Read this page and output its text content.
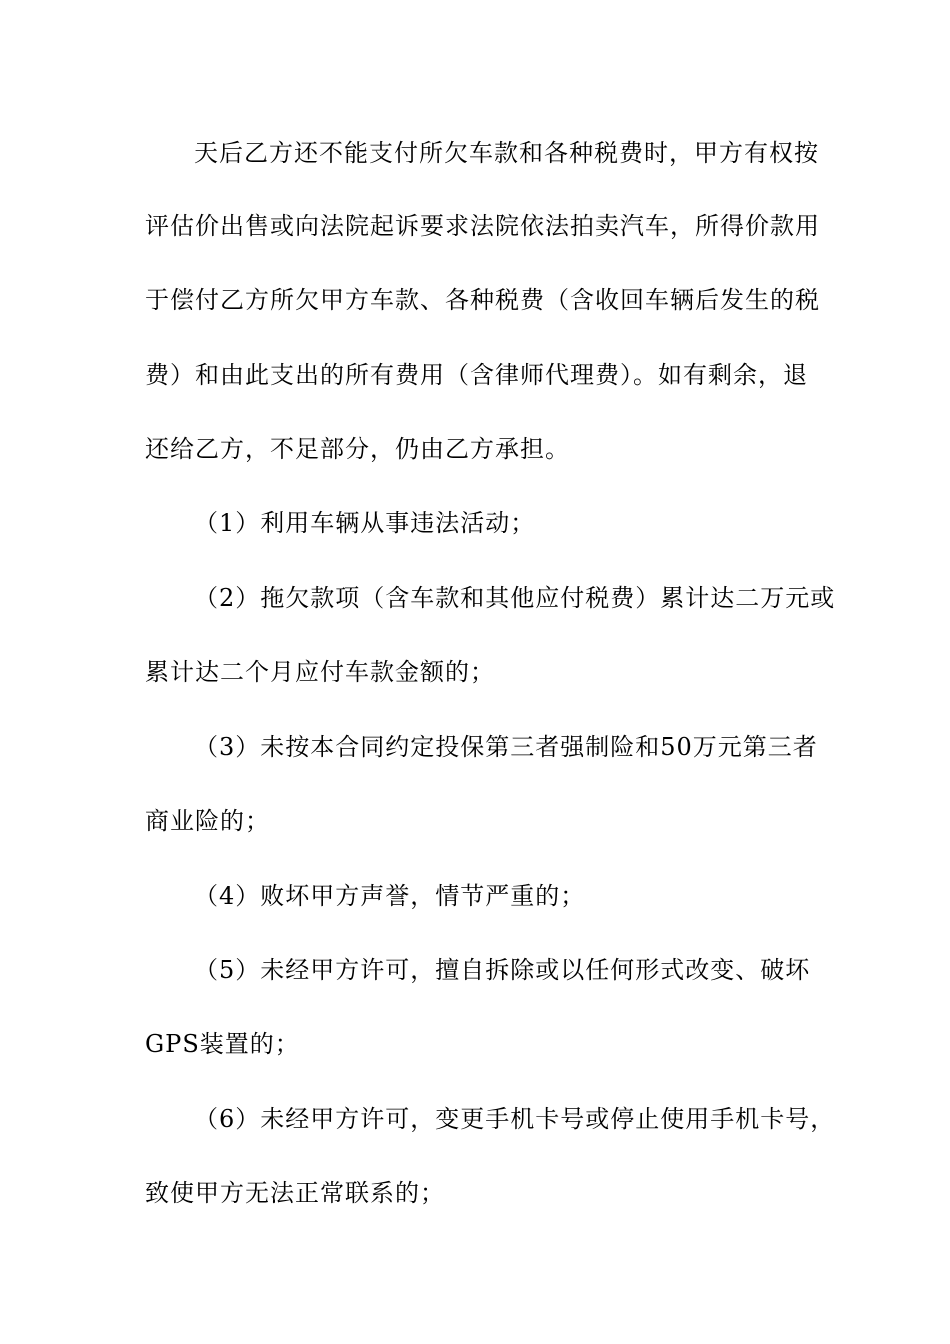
天后乙方还不能支付所欠车款和各种税费时，甲方有权按
评估价出售或向法院起诉要求法院依法拍卖汽车，所得价款用
于偿付乙方所欠甲方车款、各种税费（含收回车辆后发生的税
费）和由此支出的所有费用（含律师代理费）。如有剩余，退
还给乙方，不足部分，仍由乙方承担。
（1）利用车辆从事违法活动；
（2）拖欠款项（含车款和其他应付税费）累计达二万元或
累计达二个月应付车款金额的；
（3）未按本合同约定投保第三者强制险和50万元第三者
商业险的；
（4）败坏甲方声誉，情节严重的；
（5）未经甲方许可，擅自拆除或以任何形式改变、破坏
GPS装置的；
（6）未经甲方许可，变更手机卡号或停止使用手机卡号，
致使甲方无法正常联系的；
